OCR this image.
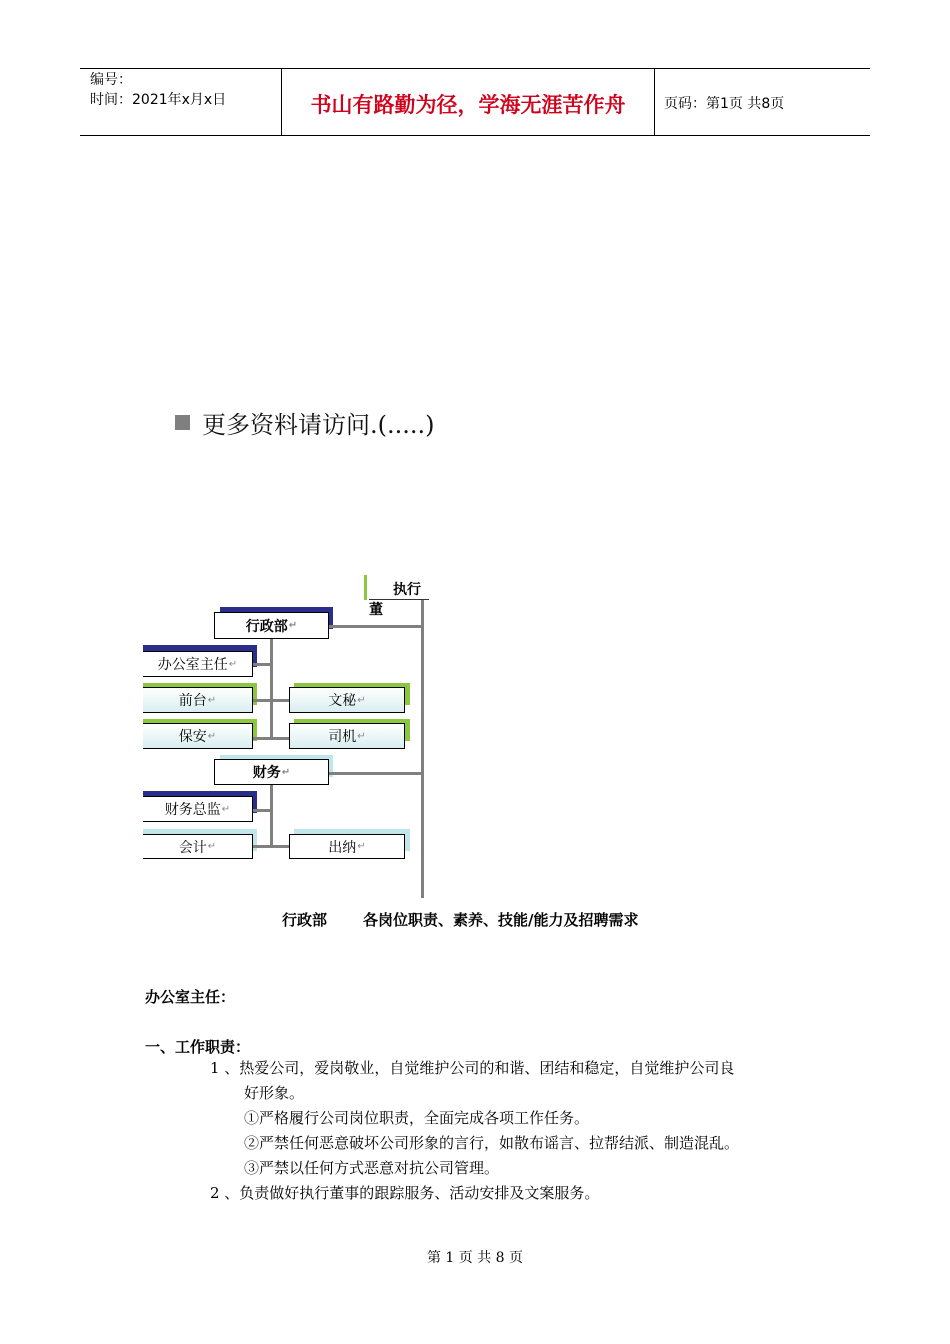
编号：
时间：2021年x月x日	书山有路勤为径，学海无涯苦作舟	页码：第1页 共8页
更多资料请访问.(.....)
执行董
行政部 ↵
办公室主任 ↵
前台 ↵	文秘 ↵
保安 ↵	司机 ↵
财务 ↵
财务总监 ↵
会计 ↵	出纳 ↵
行政部 各岗位职责、素养、技能/能力及招聘需求
办公室主任：
一、工作职责：
1 、热爱公司，爱岗敬业，自觉维护公司的和谐、团结和稳定，自觉维护公司良
好形象。
①严格履行公司岗位职责，全面完成各项工作任务。
②严禁任何恶意破坏公司形象的言行，如散布谣言、拉帮结派、制造混乱。
③严禁以任何方式恶意对抗公司管理。
2 、负责做好执行董事的跟踪服务、活动安排及文案服务。
第 1 页 共 8 页
